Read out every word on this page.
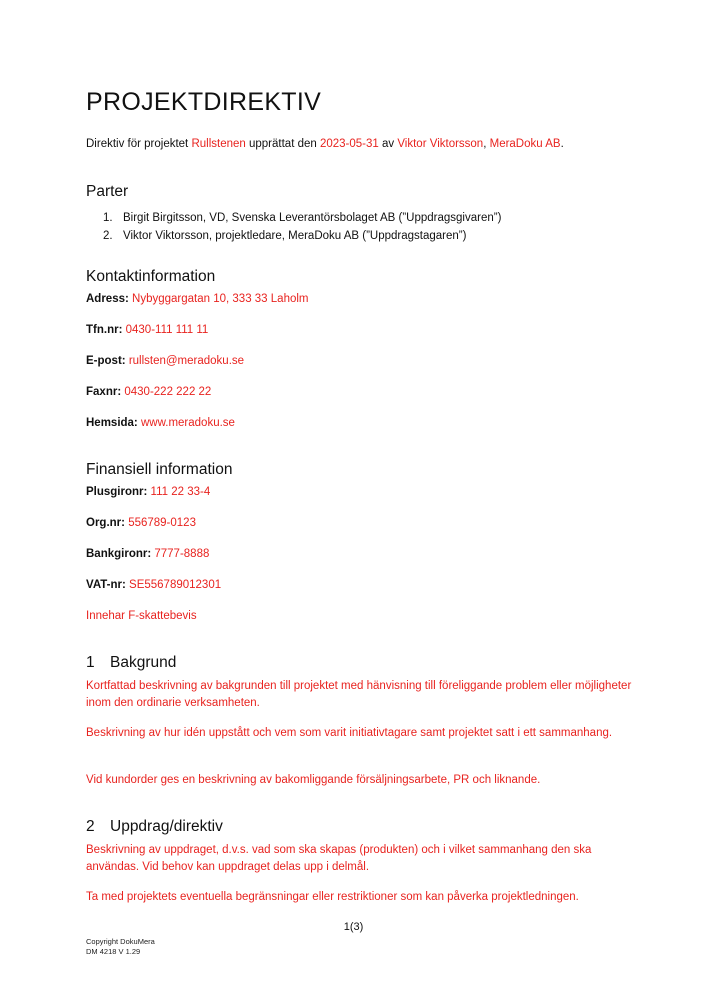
PROJEKTDIREKTIV
Direktiv för projektet Rullstenen upprättat den 2023-05-31 av Viktor Viktorsson, MeraDoku AB.
Parter
1. Birgit Birgitsson, VD, Svenska Leverantörsbolaget AB (”Uppdragsgivaren”)
2. Viktor Viktorsson, projektledare, MeraDoku AB (”Uppdragstagaren”)
Kontaktinformation
Adress: Nybyggargatan 10, 333 33 Laholm
Tfn.nr: 0430-111 111 11
E-post: rullsten@meradoku.se
Faxnr: 0430-222 222 22
Hemsida: www.meradoku.se
Finansiell information
Plusgironr: 111 22 33-4
Org.nr: 556789-0123
Bankgironr: 7777-8888
VAT-nr: SE556789012301
Innehar F-skattebevis
1 Bakgrund

Kortfattad beskrivning av bakgrunden till projektet med hänvisning till föreliggande problem eller möjligheter inom den ordinarie verksamheten.

Beskrivning av hur idén uppstått och vem som varit initiativtagare samt projektet satt i ett sammanhang.

Vid kundorder ges en beskrivning av bakomliggande försäljningsarbete, PR och liknande.

2 Uppdrag/direktiv

Beskrivning av uppdraget, d.v.s. vad som ska skapas (produkten) och i vilket sammanhang den ska användas. Vid behov kan uppdraget delas upp i delmål.

Ta med projektets eventuella begränsningar eller restriktioner som kan påverka projektledningen.

1(3)
Copyright DokuMera
DM 4218 V 1.29
